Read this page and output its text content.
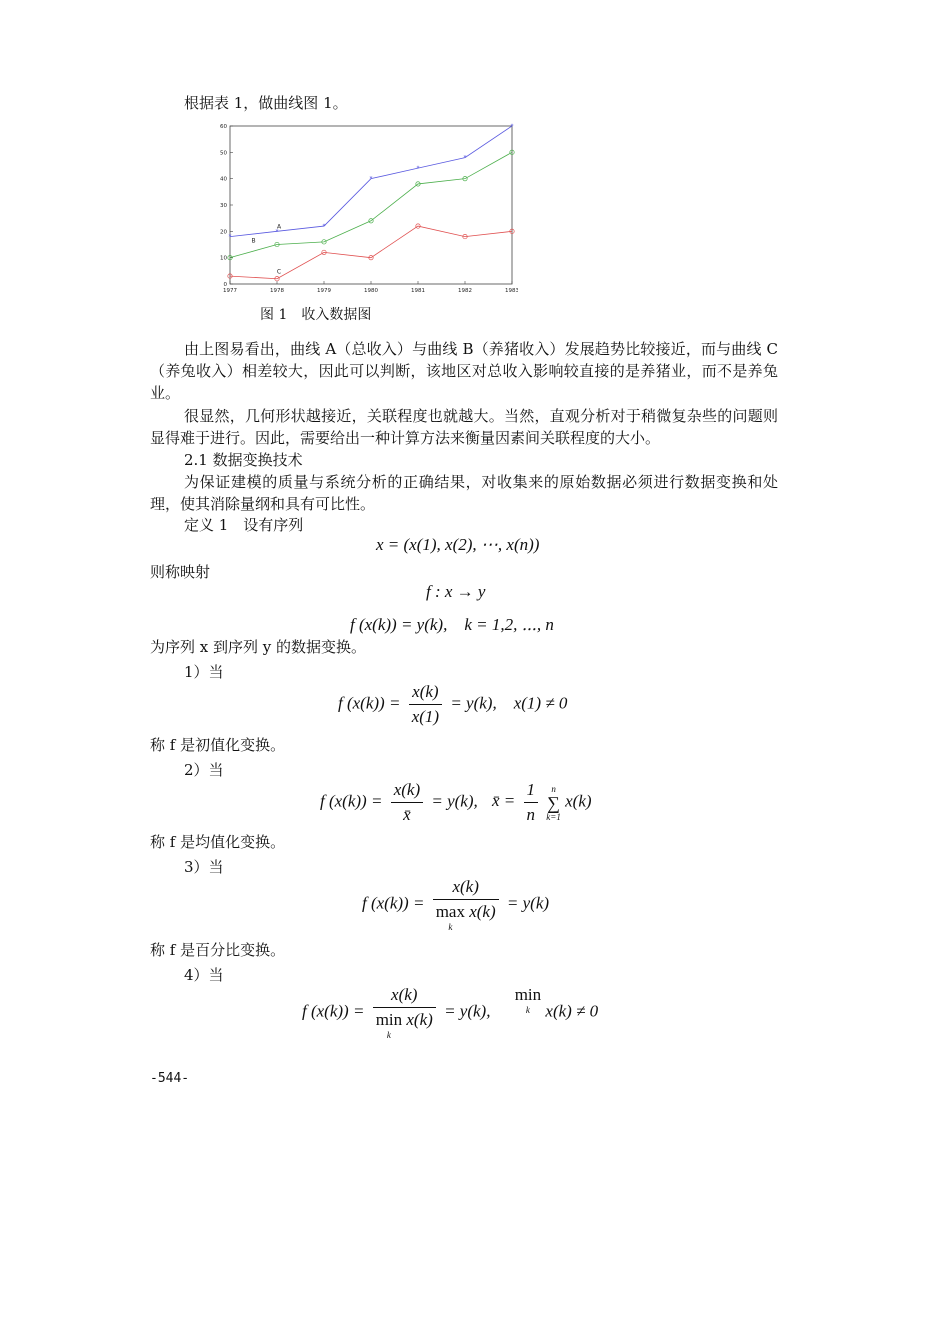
根据表 1，做曲线图 1。
0
10
20
30
40
50
60
1977	1978	1979	1980	1981	1982	1983
*
*
*
*
*
*
*
A
B
C
图 1　收入数据图
由上图易看出，曲线 A（总收入）与曲线 B（养猪收入）发展趋势比较接近，而与曲线 C（养兔收入）相差较大，因此可以判断，该地区对总收入影响较直接的是养猪业，而不是养兔业。
很显然，几何形状越接近，关联程度也就越大。当然，直观分析对于稍微复杂些的问题则显得难于进行。因此，需要给出一种计算方法来衡量因素间关联程度的大小。
2.1 数据变换技术
为保证建模的质量与系统分析的正确结果，对收集来的原始数据必须进行数据变换和处理，使其消除量纲和具有可比性。
定义 1　设有序列
x = (x(1), x(2), ⋯, x(n))
则称映射
f : x → y
f (x(k)) = y(k),　k = 1,2, ⋯, n
为序列 x 到序列 y 的数据变换。
1）当
f $(x(k)) = \frac{x(k)}{x(1)} = y(k)$,　x(1) ≠ 0
称 f 是初值化变换。
2）当
f $(x(k)) = \frac{x(k)}{x̄} = y(k)$, x̄ = $\frac{1}{n}$
	n
∑
k=1
x(k)
称 f 是均值化变换。
3）当
f (x(k)) = x(k)
max
k
x(k) = y(k)
称 f 是百分比变换。
4）当
f (x(k)) = x(k)
min
k
x(k) = y(k), min
k x(k) ≠ 0
-544-
